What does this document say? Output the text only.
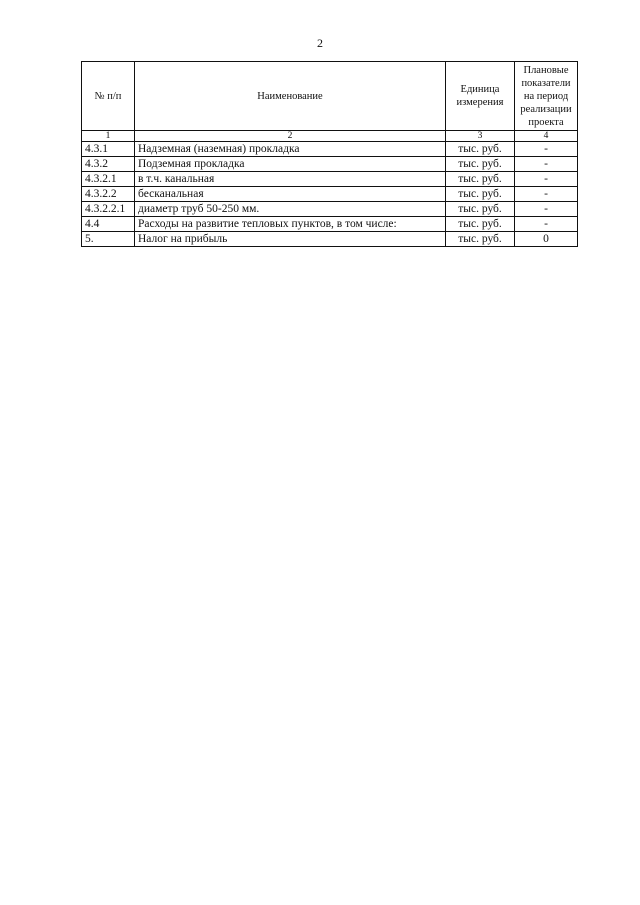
2
№ п/п	Наименование	Единица измерения	Плановые показатели на период реализации проекта
1	2	3	4
4.3.1	Надземная (наземная) прокладка	тыс. руб.	-
4.3.2	Подземная прокладка	тыс. руб.	-
4.3.2.1	в т.ч. канальная	тыс. руб.	-
4.3.2.2	бесканальная	тыс. руб.	-
4.3.2.2.1	диаметр труб 50-250 мм.	тыс. руб.	-
4.4	Расходы на развитие тепловых пунктов, в том числе:	тыс. руб.	-
5.	Налог на прибыль	тыс. руб.	0
